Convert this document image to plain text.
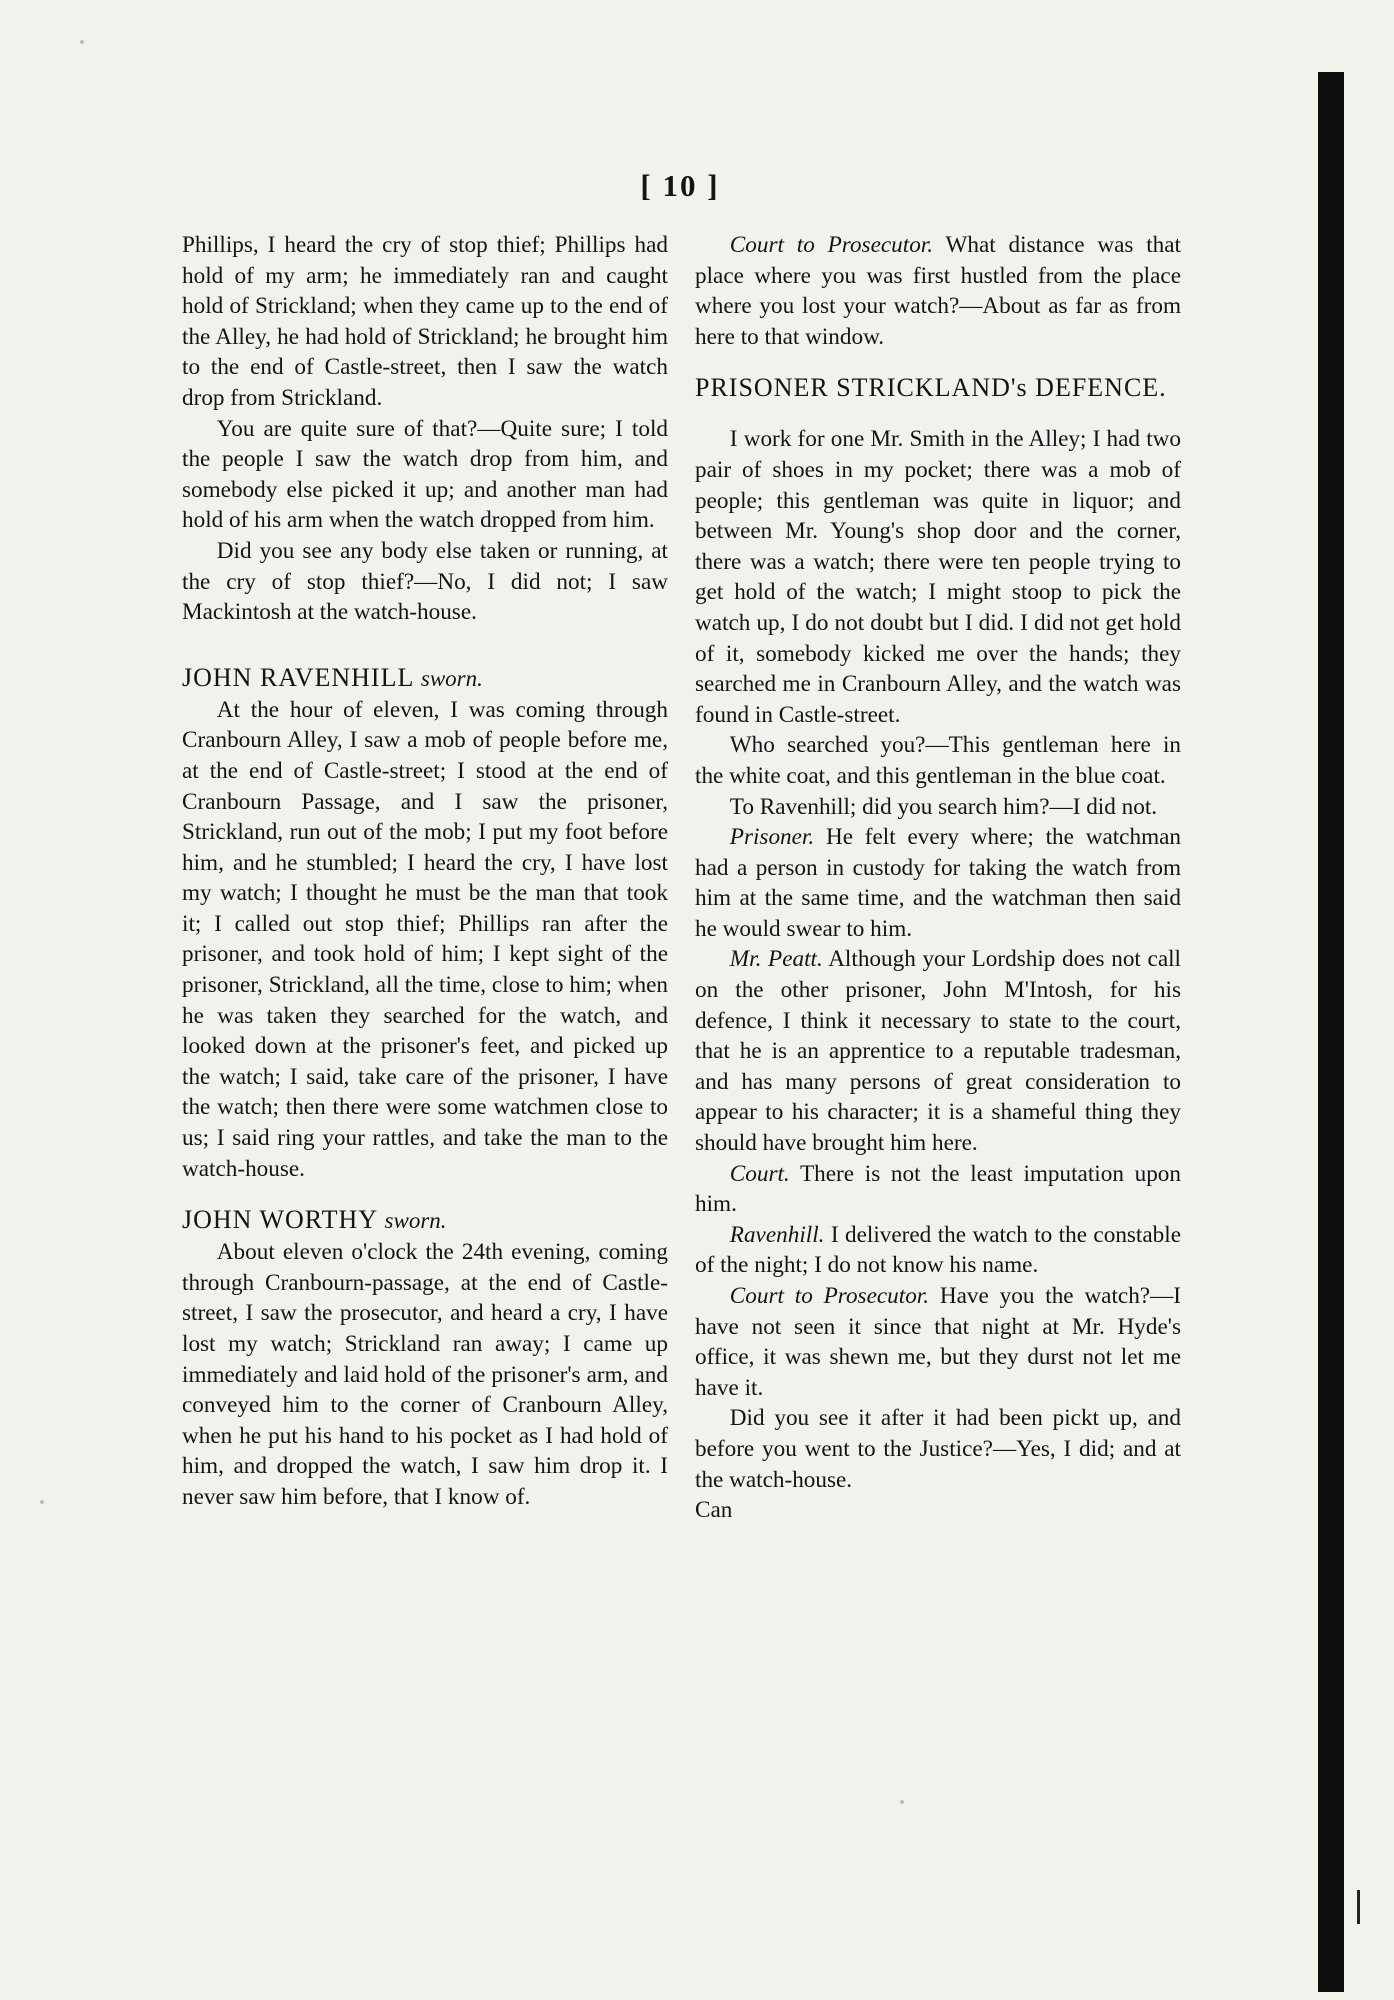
[ 10 ]

Phillips, I heard the cry of stop thief; Phillips had hold of my arm; he immediately ran and caught hold of Strickland; when they came up to the end of the Alley, he had hold of Strickland; he brought him to the end of Castle-street, then I saw the watch drop from Strickland.

You are quite sure of that?—Quite sure; I told the people I saw the watch drop from him, and somebody else picked it up; and another man had hold of his arm when the watch dropped from him.

Did you see any body else taken or running, at the cry of stop thief?—No, I did not; I saw Mackintosh at the watch-house.

JOHN RAVENHILL sworn.

At the hour of eleven, I was coming through Cranbourn Alley, I saw a mob of people before me, at the end of Castle-street; I stood at the end of Cranbourn Passage, and I saw the prisoner, Strickland, run out of the mob; I put my foot before him, and he stumbled; I heard the cry, I have lost my watch; I thought he must be the man that took it; I called out stop thief; Phillips ran after the prisoner, and took hold of him; I kept sight of the prisoner, Strickland, all the time, close to him; when he was taken they searched for the watch, and looked down at the prisoner's feet, and picked up the watch; I said, take care of the prisoner, I have the watch; then there were some watchmen close to us; I said ring your rattles, and take the man to the watch-house.

JOHN WORTHY sworn.

About eleven o'clock the 24th evening, coming through Cranbourn-passage, at the end of Castle-street, I saw the prosecutor, and heard a cry, I have lost my watch; Strickland ran away; I came up immediately and laid hold of the prisoner's arm, and conveyed him to the corner of Cranbourn Alley, when he put his hand to his pocket as I had hold of him, and dropped the watch, I saw him drop it. I never saw him before, that I know of.

Court to Prosecutor. What distance was that place where you was first hustled from the place where you lost your watch?—About as far as from here to that window.

PRISONER STRICKLAND's DEFENCE.

I work for one Mr. Smith in the Alley; I had two pair of shoes in my pocket; there was a mob of people; this gentleman was quite in liquor; and between Mr. Young's shop door and the corner, there was a watch; there were ten people trying to get hold of the watch; I might stoop to pick the watch up, I do not doubt but I did. I did not get hold of it, somebody kicked me over the hands; they searched me in Cranbourn Alley, and the watch was found in Castle-street.

Who searched you?—This gentleman here in the white coat, and this gentleman in the blue coat.

To Ravenhill; did you search him?—I did not.

Prisoner. He felt every where; the watchman had a person in custody for taking the watch from him at the same time, and the watchman then said he would swear to him.

Mr. Peatt. Although your Lordship does not call on the other prisoner, John M'Intosh, for his defence, I think it necessary to state to the court, that he is an apprentice to a reputable tradesman, and has many persons of great consideration to appear to his character; it is a shameful thing they should have brought him here.

Court. There is not the least imputation upon him.

Ravenhill. I delivered the watch to the constable of the night; I do not know his name.

Court to Prosecutor. Have you the watch?—I have not seen it since that night at Mr. Hyde's office, it was shewn me, but they durst not let me have it.

Did you see it after it had been pickt up, and before you went to the Justice?—Yes, I did; and at the watch-house.

Can
